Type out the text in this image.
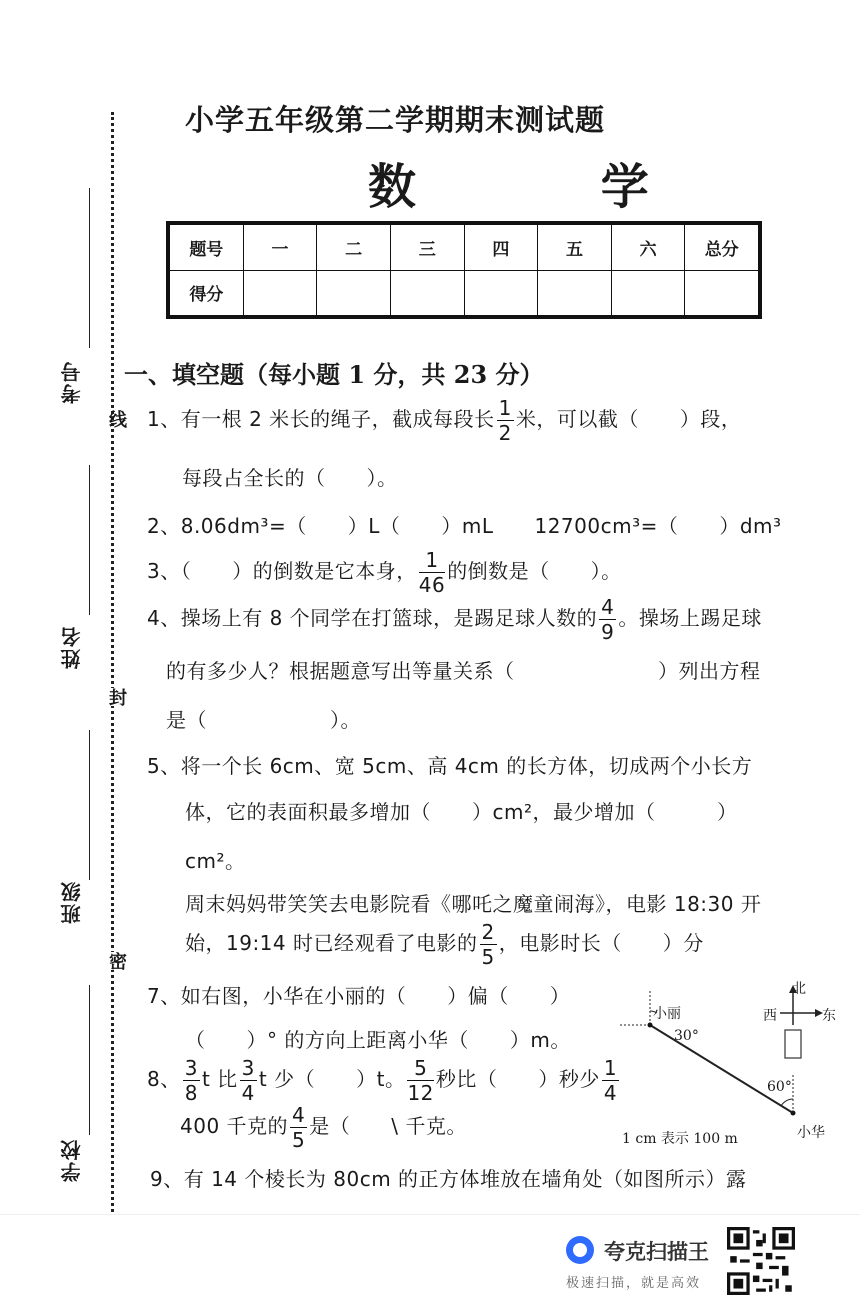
线
封
密
考号
姓名
班级
学校
小学五年级第二学期期末测试题
数 学
题号	一	二	三	四	五	六	总分
得分							
一、填空题（每小题 1 分，共 23 分）
1、有一根 2 米长的绳子，截成每段长 $\frac{1}{2}$ 米，可以截（　　）段，
每段占全长的（　　）。
2、8.06dm³=（　　）L（　　）mL　　12700cm³=（　　）dm³
3、（　　）的倒数是它本身， $\frac{1}{46}$ 的倒数是（　　）。
4、操场上有 8 个同学在打篮球，是踢足球人数的 $\frac{4}{9}$ 。操场上踢足球
的有多少人？根据题意写出等量关系（　　　　　　　）列出方程
是（　　　　　　）。
5、将一个长 6cm、宽 5cm、高 4cm 的长方体，切成两个小长方
体，它的表面积最多增加（　　）cm²，最少增加（　　　）
cm²。
周末妈妈带笑笑去电影院看《哪吒之魔童闹海》，电影 18:30 开
始，19:14 时已经观看了电影的 $\frac{2}{5}$ ，电影时长（　　）分
7、如右图，小华在小丽的（　　）偏（　　）
（　　）° 的方向上距离小华（　　）m。
8、 $\frac{3}{8}$ t 比 $\frac{3}{4}$ t 少（　　）t。 $\frac{5}{12}$ 秒比（　　）秒少 $\frac{1}{4}$
400 千克的 $\frac{4}{5}$ 是（　　\ 千克。
9、有 14 个棱长为 80cm 的正方体堆放在墙角处（如图所示）露
小丽
30°
60°
小华
1 cm 表示 100 m
北
东
西
夸克扫描王
极速扫描，就是高效
